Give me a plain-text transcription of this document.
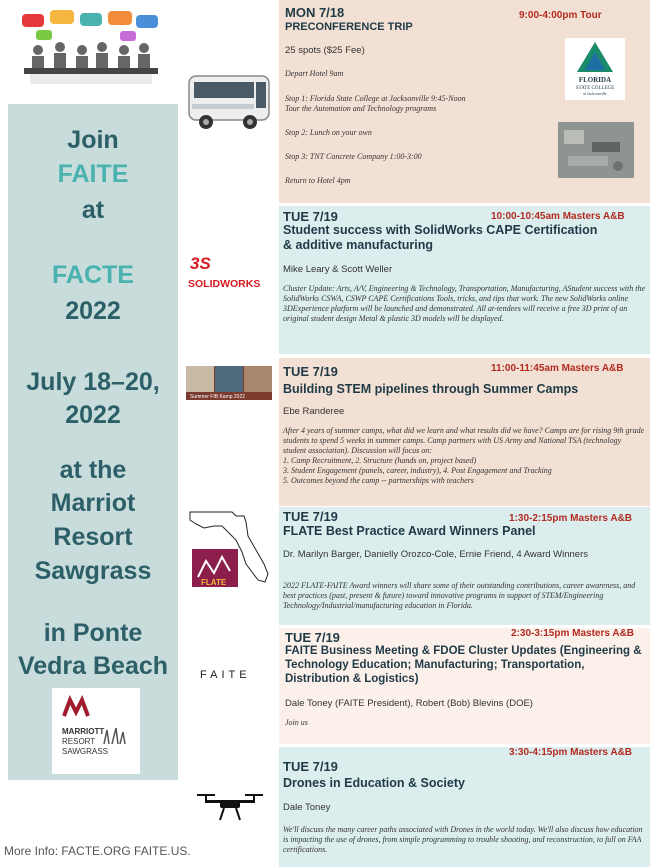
Join
FAITE
at
FACTE
2022
July 18–20,
2022
at the
Marriot
Resort
Sawgrass
in Ponte
Vedra Beach
MARRIOTT
RESORT
SAWGRASS
More Info: FACTE.ORG FAITE.US.
3S
SOLIDWORKS
Summer FIB Kamp 2022
FLATE
FAITE
MON 7/18	9:00-4:00pm Tour
PRECONFERENCE TRIP
25 spots ($25 Fee)
Depart Hotel 9am
Stop 1: Florida State College at Jacksonville 9:45-Noon
Tour the Automation and Technology programs
Stop 2: Lunch on your own
Stop 3: TNT Concrete Company 1:00-3:00
Return to Hotel 4pm
FLORIDA
STATE COLLEGE
at Jacksonville
TUE 7/19	10:00-10:45am Masters A&B
Student success with SolidWorks CAPE Certification & additive manufacturing
Mike Leary & Scott Weller
Cluster Update: Arts, A/V, Engineering & Technology, Transportation, Manufacturing, AStudent success with the SolidWorks CSWA, CSWP CAPE Certifications Tools, tricks, and tips that work. The new SolidWorks online 3DExperience platform will be launched and demonstrated. All at-tendees will receive a free 3D print of an original student design Metal & plastic 3D models will be displayed.
TUE 7/19	11:00-11:45am Masters A&B
Building STEM pipelines through Summer Camps
Ebe Randeree
After 4 years of summer camps, what did we learn and what results did we have? Camps are for rising 9th grade students to spend 5 weeks in summer camps. Camp partners with US Army and National TSA (technology student association). Discussion will focus on:
1. Camp Recruitment, 2. Structure (hands on, project based)
3. Student Engagement (panels, career, industry), 4. Post Engagement and Tracking
5. Outcomes beyond the camp -- partnerships with teachers
TUE 7/19	1:30-2:15pm Masters A&B
FLATE Best Practice Award Winners Panel
Dr. Marilyn Barger, Danielly Orozco-Cole, Ernie Friend, 4 Award Winners
2022 FLATE-FAITE Award winners will share some of their outstanding contributions, career awareness, and best practices (past, present & future) toward innovative programs in support of STEM/Engineering Technology/Industrial/manufacturing education in Florida.
TUE 7/19	2:30-3:15pm Masters A&B
FAITE Business Meeting & FDOE Cluster Updates (Engineering & Technology Education; Manufacturing; Transportation, Distribution & Logistics)
Dale Toney (FAITE President), Robert (Bob) Blevins (DOE)
Join us
3:30-4:15pm Masters A&B
TUE 7/19
Drones in Education & Society
Dale Toney
We'll discuss the many career paths associated with Drones in the world today. We'll also discuss how education is impacting the use of drones, from simple programming to trouble shooting, and reconstruction, to full on FAA certifications.
